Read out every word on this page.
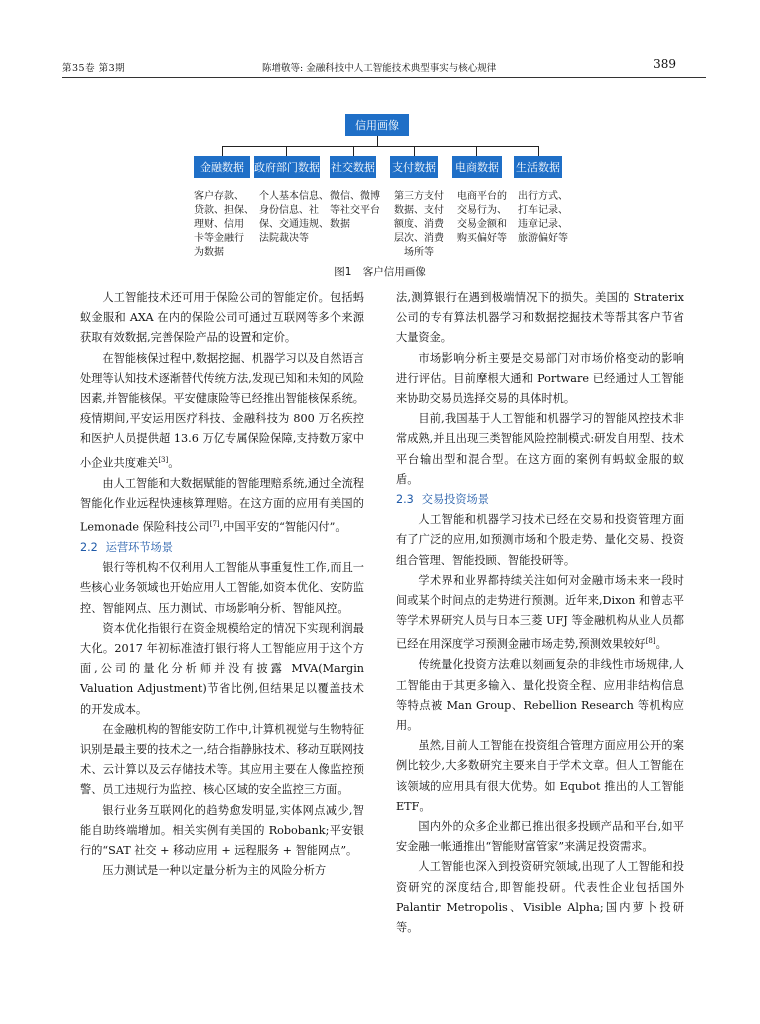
第35卷 第3期	陈增敬等: 金融科技中人工智能技术典型事实与核心规律	389
信用画像
金融数据 政府部门数据 社交数据 支付数据 电商数据 生活数据
客户存款、
贷款、担保、
理财、信用
卡等金融行
为数据
个人基本信息、
身份信息、社
保、交通违规、
法院裁决等
微信、微博
等社交平台
数据
第三方支付
数据、支付
额度、消费
层次、消费
场所等
电商平台的
交易行为、
交易金额和
购买偏好等
出行方式、
打车记录、
违章记录、
旅游偏好等
图1 客户信用画像

人工智能技术还可用于保险公司的智能定价。包括蚂蚁金服和 AXA 在内的保险公司可通过互联网等多个来源获取有效数据,完善保险产品的设置和定价。

在智能核保过程中,数据挖掘、机器学习以及自然语言处理等认知技术逐渐替代传统方法,发现已知和未知的风险因素,并智能核保。平安健康险等已经推出智能核保系统。疫情期间,平安运用医疗科技、金融科技为 800 万名疾控和医护人员提供超 13.6 万亿专属保险保障,支持数万家中小企业共度难关[3]。

由人工智能和大数据赋能的智能理赔系统,通过全流程智能化作业远程快速核算理赔。在这方面的应用有美国的 Lemonade 保险科技公司[7],中国平安的“智能闪付”。

2.2 运营环节场景

银行等机构不仅利用人工智能从事重复性工作,而且一些核心业务领域也开始应用人工智能,如资本优化、安防监控、智能网点、压力测试、市场影响分析、智能风控。

资本优化指银行在资金规模给定的情况下实现利润最大化。2017 年初标准渣打银行将人工智能应用于这个方面,公司的量化分析师并没有披露 MVA(Margin Valuation Adjustment)节省比例,但结果足以覆盖技术的开发成本。

在金融机构的智能安防工作中,计算机视觉与生物特征识别是最主要的技术之一,结合指静脉技术、移动互联网技术、云计算以及云存储技术等。其应用主要在人像监控预警、员工违规行为监控、核心区域的安全监控三方面。

银行业务互联网化的趋势愈发明显,实体网点减少,智能自助终端增加。相关实例有美国的 Robobank;平安银行的“SAT 社交 + 移动应用 + 远程服务 + 智能网点”。

压力测试是一种以定量分析为主的风险分析方

法,测算银行在遇到极端情况下的损失。美国的 Straterix 公司的专有算法机器学习和数据挖掘技术等帮其客户节省大量资金。

市场影响分析主要是交易部门对市场价格变动的影响进行评估。目前摩根大通和 Portware 已经通过人工智能来协助交易员选择交易的具体时机。

目前,我国基于人工智能和机器学习的智能风控技术非常成熟,并且出现三类智能风险控制模式:研发自用型、技术平台输出型和混合型。在这方面的案例有蚂蚁金服的蚁盾。

2.3 交易投资场景

人工智能和机器学习技术已经在交易和投资管理方面有了广泛的应用,如预测市场和个股走势、量化交易、投资组合管理、智能投顾、智能投研等。

学术界和业界都持续关注如何对金融市场未来一段时间或某个时间点的走势进行预测。近年来,Dixon 和曾志平等学术界研究人员与日本三菱 UFJ 等金融机构从业人员都已经在用深度学习预测金融市场走势,预测效果较好[8]。

传统量化投资方法难以刻画复杂的非线性市场规律,人工智能由于其更多输入、量化投资全程、应用非结构信息等特点被 Man Group、Rebellion Research 等机构应用。

虽然,目前人工智能在投资组合管理方面应用公开的案例比较少,大多数研究主要来自于学术文章。但人工智能在该领域的应用具有很大优势。如 Equbot 推出的人工智能 ETF。

国内外的众多企业都已推出很多投顾产品和平台,如平安金融一帐通推出“智能财富管家”来满足投资需求。

人工智能也深入到投资研究领域,出现了人工智能和投资研究的深度结合,即智能投研。代表性企业包括国外 Palantir Metropolis、Visible Alpha;国内萝卜投研等。
